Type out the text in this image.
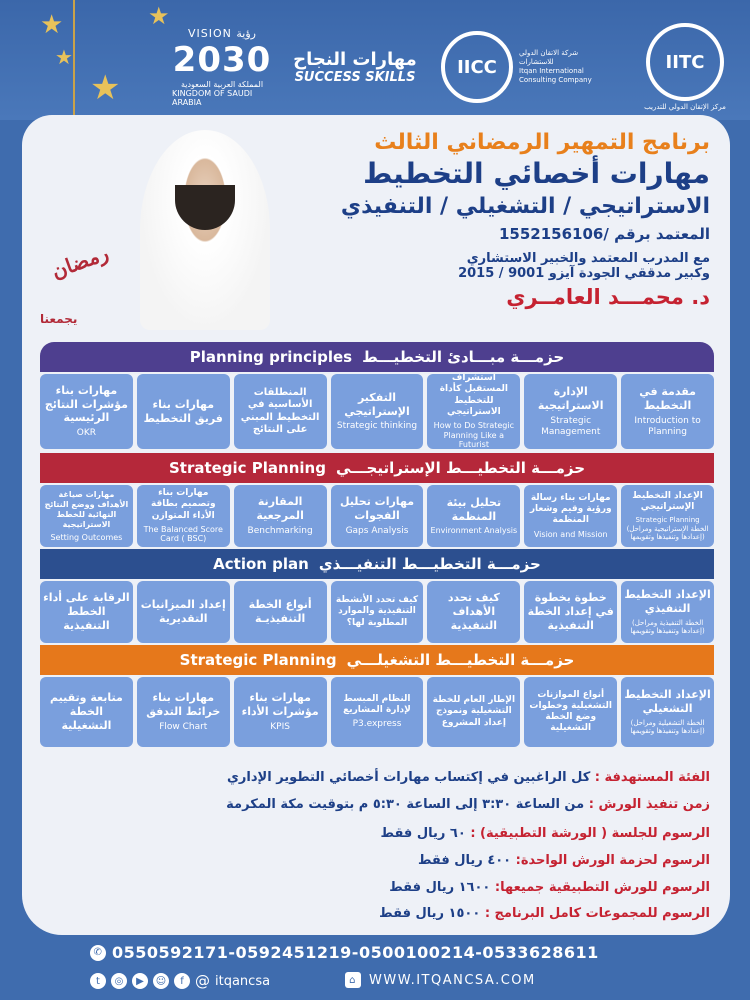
★	★
★
★
VISION رؤية
2030
المملكة العربية السعودية
KINGDOM OF SAUDI ARABIA
مهارات النجاح
SUCCESS SKILLS	IICC
شركة الاتقان الدولي للاستشارات
Itqan International Consulting Company
IITC
مركز الإتقان الدولي للتدريب
رمضان
يجمعنا
برنامج التمهير الرمضاني الثالث
مهارات أخصائي التخطيط
الاستراتيجي / التشغيلي / التنفيذي
المعتمد برقم /1552156106
مع المدرب المعتمد والخبير الاستشاري
وكبير مدققي الجودة آيزو 9001 / 2015
د. محمـــد العامــري
Planning principles حزمـــة مبـــادئ التخطيـــط
مقدمة في التخطيط
Introduction to Planning
الإدارة الاستراتيجية
Strategic Management
استشراف المستقبل كأداة للتخطيط الاستراتيجي
How to Do Strategic Planning Like a Futurist
التفكير الإستراتيجي
Strategic thinking
المنطلقات الأساسية في التخطيط المبني على النتائج
مهارات بناء فريق التخطيط
مهارات بناء مؤشرات النتائج الرئيسية
OKR
Strategic Planning حزمـــة التخطيـــط الإستراتيجـــي
الإعداد التخطيط الإستراتيجي
Strategic Planning (الخطة الإستراتيجية ومراحل إعدادها وتنفيذها وتقويمها)
مهارات بناء رسالة ورؤية وقيم وشعار المنظمة
Vision and Mission
تحليل بيئة المنظمة
Environment Analysis
مهارات تحليل الفجوات
Gaps Analysis
المقارنة المرجعية
Benchmarking
مهارات بناء وتصميم بطاقة الأداء المتوازن
The Balanced Score Card ( BSC)
مهارات صياغة الأهداف ووضع النتائج النهائية للخطط الاستراتيجية
Setting Outcomes
Action plan حزمـــة التخطيـــط التنفيـــذي
الإعداد التخطيط التنفيذي
(الخطة التنفيذية ومراحل إعدادها وتنفيذها وتقويمها)
خطوة بخطوة في إعداد الخطة التنفيذية
كيف تحدد الأهداف التنفيذية
كيف تحدد الأنشطة التنفيذية والموارد المطلوبة لها؟
أنواع الخطة التنفيذيـة
إعداد الميزانيات التقديرية
الرقابة على أداء الخطط التنفيذية
Strategic Planning حزمـــة التخطيـــط التشغيلـــي
الإعداد التخطيط التشغيلي
(الخطة التشغيلية ومراحل إعدادها وتنفيذها وتقويمها)
أنواع الموازنات التشغيلية وخطوات وضع الخطة التشغيلية
الإطار العام للخطة التشغيلية ونموذج إعداد المشروع
النظام المبسط لإدارة المشاريع
P3.express
مهارات بناء مؤشرات الأداء
KPIS
مهارات بناء خرائط التدفق
Flow Chart
متابعة وتقييم الخطة التشغيلية
الفئة المستهدفة : كل الراغبين في إكتساب مهارات أخصائي التطوير الإداري
زمن تنفيذ الورش : من الساعة ٣:٣٠ إلى الساعة ٥:٣٠ م بتوقيت مكة المكرمة
الرسوم للجلسة ( الورشة التطبيقية) : ٦٠ ريال فقط
الرسوم لحزمة الورش الواحدة: ٤٠٠ ريال فقط
الرسوم للورش التطبيقية جميعها: ١٦٠٠ ريال فقط
الرسوم للمجموعات كامل البرنامج : ١٥٠٠ ريال فقط
✆ 0550592171-0592451219-0500100214-0533628611
t	◎	▶	☺	f @ itqancsa	⌂ WWW.ITQANCSA.COM
